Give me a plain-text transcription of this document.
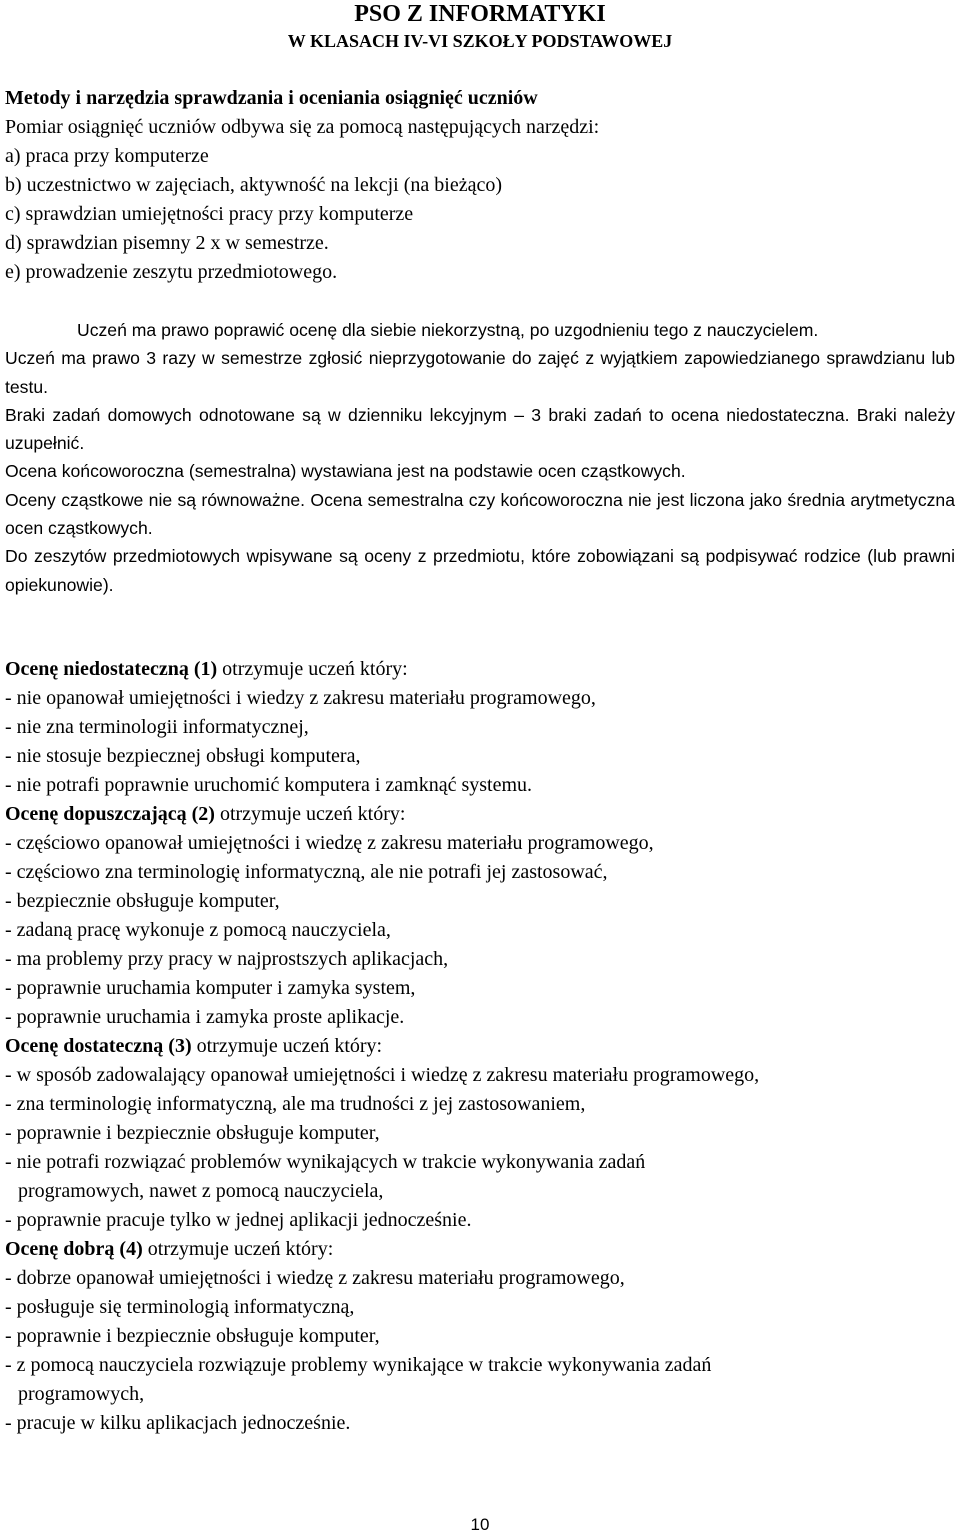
PSO Z INFORMATYKI
W KLASACH IV-VI SZKOŁY PODSTAWOWEJ
Metody i narzędzia sprawdzania i oceniania osiągnięć uczniów
Pomiar osiągnięć uczniów odbywa się za pomocą następujących narzędzi:
a) praca przy komputerze
b) uczestnictwo w zajęciach, aktywność na lekcji (na bieżąco)
c) sprawdzian umiejętności pracy przy komputerze
d) sprawdzian pisemny 2 x w semestrze.
e) prowadzenie zeszytu przedmiotowego.

Uczeń ma prawo poprawić ocenę dla siebie niekorzystną, po uzgodnieniu tego z nauczycielem.

Uczeń ma prawo 3 razy w semestrze zgłosić nieprzygotowanie do zajęć z wyjątkiem zapowiedzianego sprawdzianu lub testu.

Braki zadań domowych odnotowane są w dzienniku lekcyjnym – 3 braki zadań to ocena niedostateczna. Braki należy uzupełnić.

Ocena końcoworoczna (semestralna) wystawiana jest na podstawie ocen cząstkowych.

Oceny cząstkowe nie są równoważne. Ocena semestralna czy końcoworoczna nie jest liczona jako średnia arytmetyczna ocen cząstkowych.

Do zeszytów przedmiotowych wpisywane są oceny z przedmiotu, które zobowiązani są podpisywać rodzice (lub prawni opiekunowie).

Ocenę niedostateczną (1) otrzymuje uczeń który:
- nie opanował umiejętności i wiedzy z zakresu materiału programowego,
- nie zna terminologii informatycznej,
- nie stosuje bezpiecznej obsługi komputera,
- nie potrafi poprawnie uruchomić komputera i zamknąć systemu.
Ocenę dopuszczającą (2) otrzymuje uczeń który:
- częściowo opanował umiejętności i wiedzę z zakresu materiału programowego,
- częściowo zna terminologię informatyczną, ale nie potrafi jej zastosować,
- bezpiecznie obsługuje komputer,
- zadaną pracę wykonuje z pomocą nauczyciela,
- ma problemy przy pracy w najprostszych aplikacjach,
- poprawnie uruchamia komputer i zamyka system,
- poprawnie uruchamia i zamyka proste aplikacje.
Ocenę dostateczną (3) otrzymuje uczeń który:
- w sposób zadowalający opanował umiejętności i wiedzę z zakresu materiału programowego,
- zna terminologię informatyczną, ale ma trudności z jej zastosowaniem,
- poprawnie i bezpiecznie obsługuje komputer,
- nie potrafi rozwiązać problemów wynikających w trakcie wykonywania zadań
programowych, nawet z pomocą nauczyciela,
- poprawnie pracuje tylko w jednej aplikacji jednocześnie.
Ocenę dobrą (4) otrzymuje uczeń który:
- dobrze opanował umiejętności i wiedzę z zakresu materiału programowego,
- posługuje się terminologią informatyczną,
- poprawnie i bezpiecznie obsługuje komputer,
- z pomocą nauczyciela rozwiązuje problemy wynikające w trakcie wykonywania zadań
programowych,
- pracuje w kilku aplikacjach jednocześnie.
10
